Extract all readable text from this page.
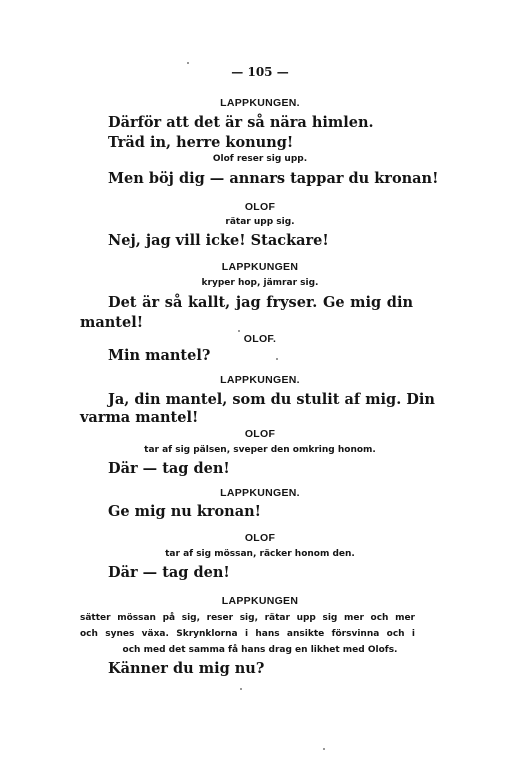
— 105 —
LAPPKUNGEN.
Därför att det är så nära himlen.
Träd in, herre konung!
Olof reser sig upp.
Men böj dig — annars tappar du kronan!
OLOF
rätar upp sig.
Nej, jag vill icke! Stackare!
LAPPKUNGEN
kryper hop, jämrar sig.
Det är så kallt, jag fryser. Ge mig din
mantel!
OLOF.
Min mantel?
LAPPKUNGEN.
Ja, din mantel, som du stulit af mig. Din
varma mantel!
OLOF
tar af sig pälsen, sveper den omkring honom.
Där — tag den!
LAPPKUNGEN.
Ge mig nu kronan!
OLOF
tar af sig mössan, räcker honom den.
Där — tag den!
LAPPKUNGEN
sätter mössan på sig, reser sig, rätar upp sig mer och mer
och synes växa. Skrynklorna i hans ansikte försvinna och i
och med det samma få hans drag en likhet med Olofs.
Känner du mig nu?
